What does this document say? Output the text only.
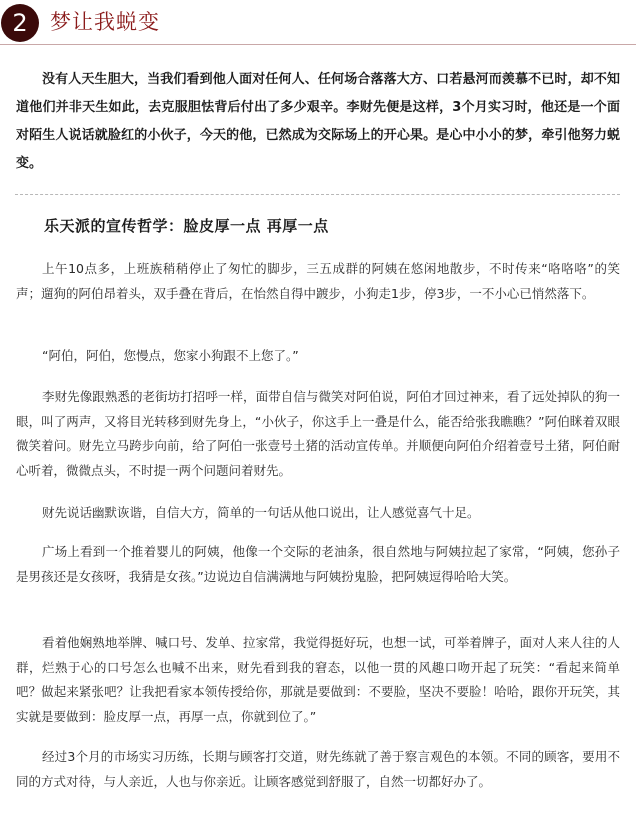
2	梦让我蜕变

没有人天生胆大，当我们看到他人面对任何人、任何场合落落大方、口若悬河而羡慕不已时，却不知道他们并非天生如此，去克服胆怯背后付出了多少艰辛。李财先便是这样，3个月实习时，他还是一个面对陌生人说话就脸红的小伙子，今天的他，已然成为交际场上的开心果。是心中小小的梦，牵引他努力蜕变。

乐天派的宣传哲学：脸皮厚一点 再厚一点

上午10点多，上班族稍稍停止了匆忙的脚步，三五成群的阿姨在悠闲地散步，不时传来“咯咯咯”的笑声；遛狗的阿伯昂着头，双手叠在背后，在怡然自得中踱步，小狗走1步，停3步，一不小心已悄然落下。

“阿伯，阿伯，您慢点，您家小狗跟不上您了。”

李财先像跟熟悉的老街坊打招呼一样，面带自信与微笑对阿伯说，阿伯才回过神来，看了远处掉队的狗一眼，叫了两声，又将目光转移到财先身上，“小伙子，你这手上一叠是什么，能否给张我瞧瞧？”阿伯眯着双眼微笑着问。财先立马跨步向前，给了阿伯一张壹号土猪的活动宣传单。并顺便向阿伯介绍着壹号土猪，阿伯耐心听着，微微点头，不时提一两个问题问着财先。

财先说话幽默诙谐，自信大方，简单的一句话从他口说出，让人感觉喜气十足。

广场上看到一个推着婴儿的阿姨，他像一个交际的老油条，很自然地与阿姨拉起了家常，“阿姨，您孙子是男孩还是女孩呀，我猜是女孩。”边说边自信满满地与阿姨扮鬼脸，把阿姨逗得哈哈大笑。

看着他娴熟地举牌、喊口号、发单、拉家常，我觉得挺好玩，也想一试，可举着牌子，面对人来人往的人群，烂熟于心的口号怎么也喊不出来，财先看到我的窘态，以他一贯的风趣口吻开起了玩笑：“看起来简单吧？做起来紧张吧？让我把看家本领传授给你，那就是要做到：不要脸，坚决不要脸！哈哈，跟你开玩笑，其实就是要做到：脸皮厚一点，再厚一点，你就到位了。”

经过3个月的市场实习历练，长期与顾客打交道，财先练就了善于察言观色的本领。不同的顾客，要用不同的方式对待，与人亲近，人也与你亲近。让顾客感觉到舒服了，自然一切都好办了。
